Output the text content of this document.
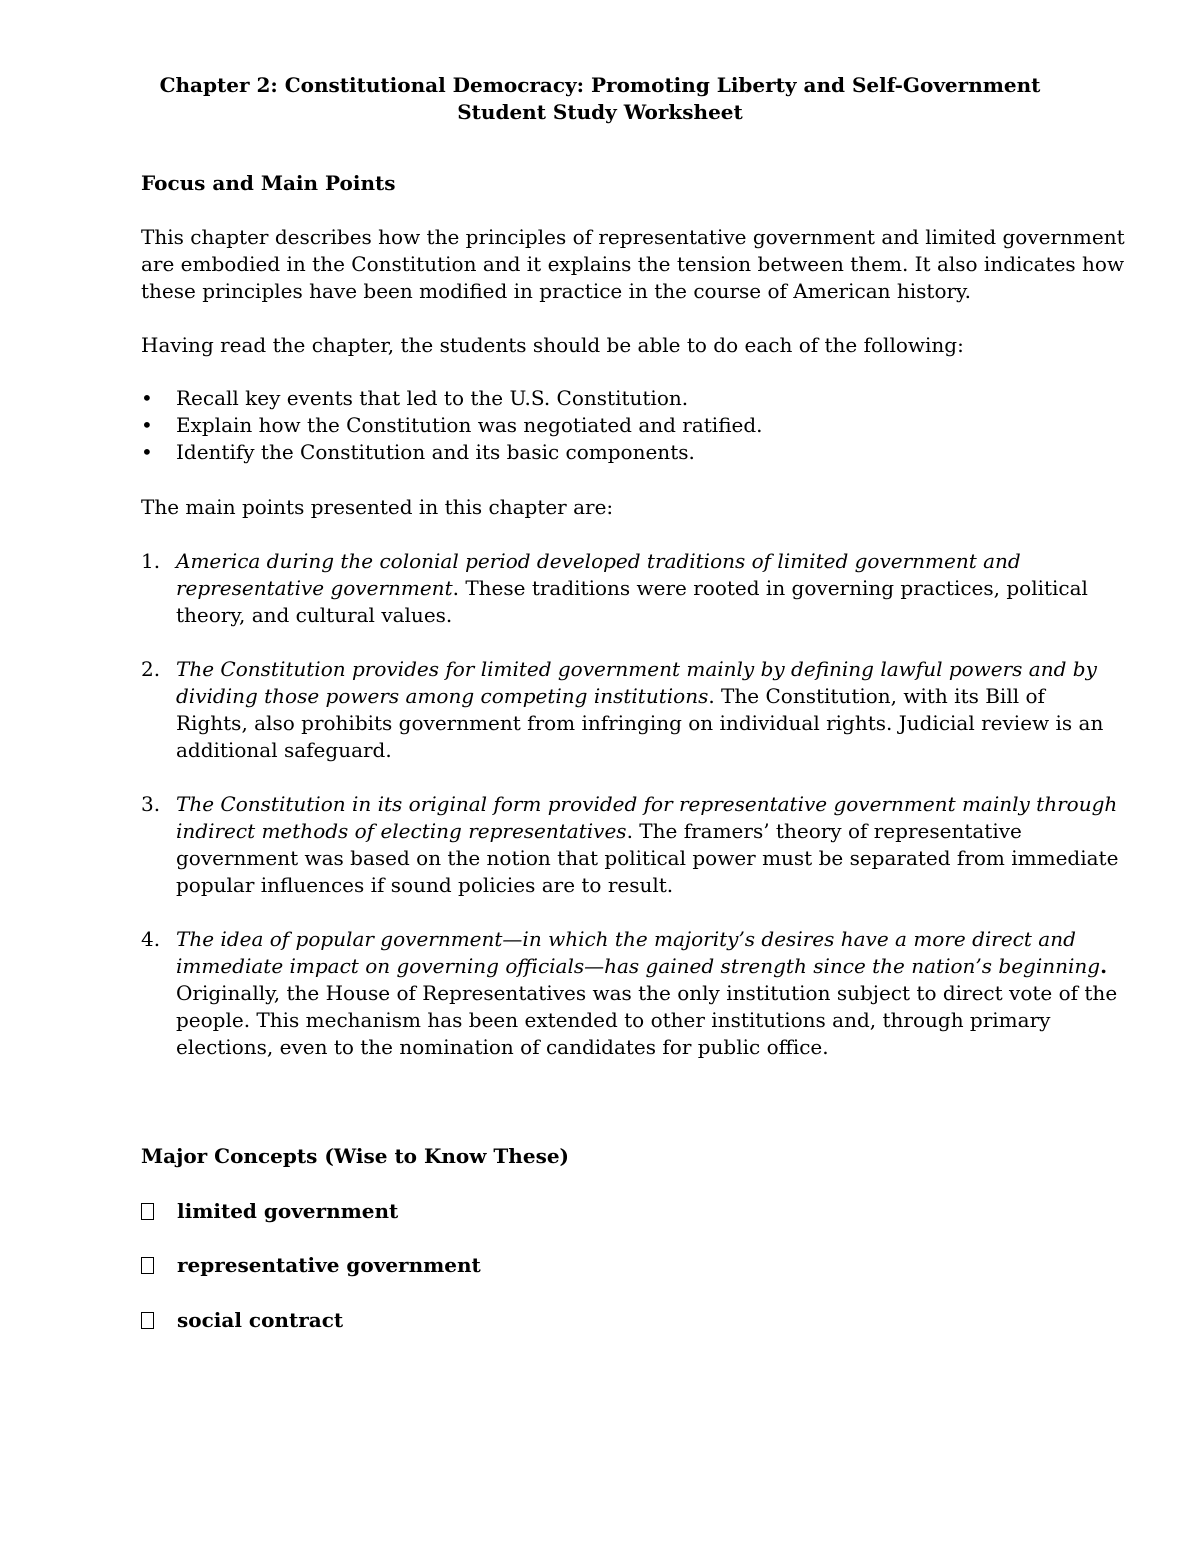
Chapter 2: Constitutional Democracy: Promoting Liberty and Self-Government
Student Study Worksheet
Focus and Main Points
This chapter describes how the principles of representative government and limited government
are embodied in the Constitution and it explains the tension between them. It also indicates how
these principles have been modified in practice in the course of American history.
Having read the chapter, the students should be able to do each of the following:
• Recall key events that led to the U.S. Constitution.
• Explain how the Constitution was negotiated and ratified.
• Identify the Constitution and its basic components.
The main points presented in this chapter are:
1. America during the colonial period developed traditions of limited government and
representative government. These traditions were rooted in governing practices, political
theory, and cultural values.
2. The Constitution provides for limited government mainly by defining lawful powers and by
dividing those powers among competing institutions. The Constitution, with its Bill of
Rights, also prohibits government from infringing on individual rights. Judicial review is an
additional safeguard.
3. The Constitution in its original form provided for representative government mainly through
indirect methods of electing representatives. The framers’ theory of representative
government was based on the notion that political power must be separated from immediate
popular influences if sound policies are to result.
4. The idea of popular government—in which the majority’s desires have a more direct and
immediate impact on governing officials—has gained strength since the nation’s beginning.
Originally, the House of Representatives was the only institution subject to direct vote of the
people. This mechanism has been extended to other institutions and, through primary
elections, even to the nomination of candidates for public office.
Major Concepts (Wise to Know These)
limited government
representative government
social contract
